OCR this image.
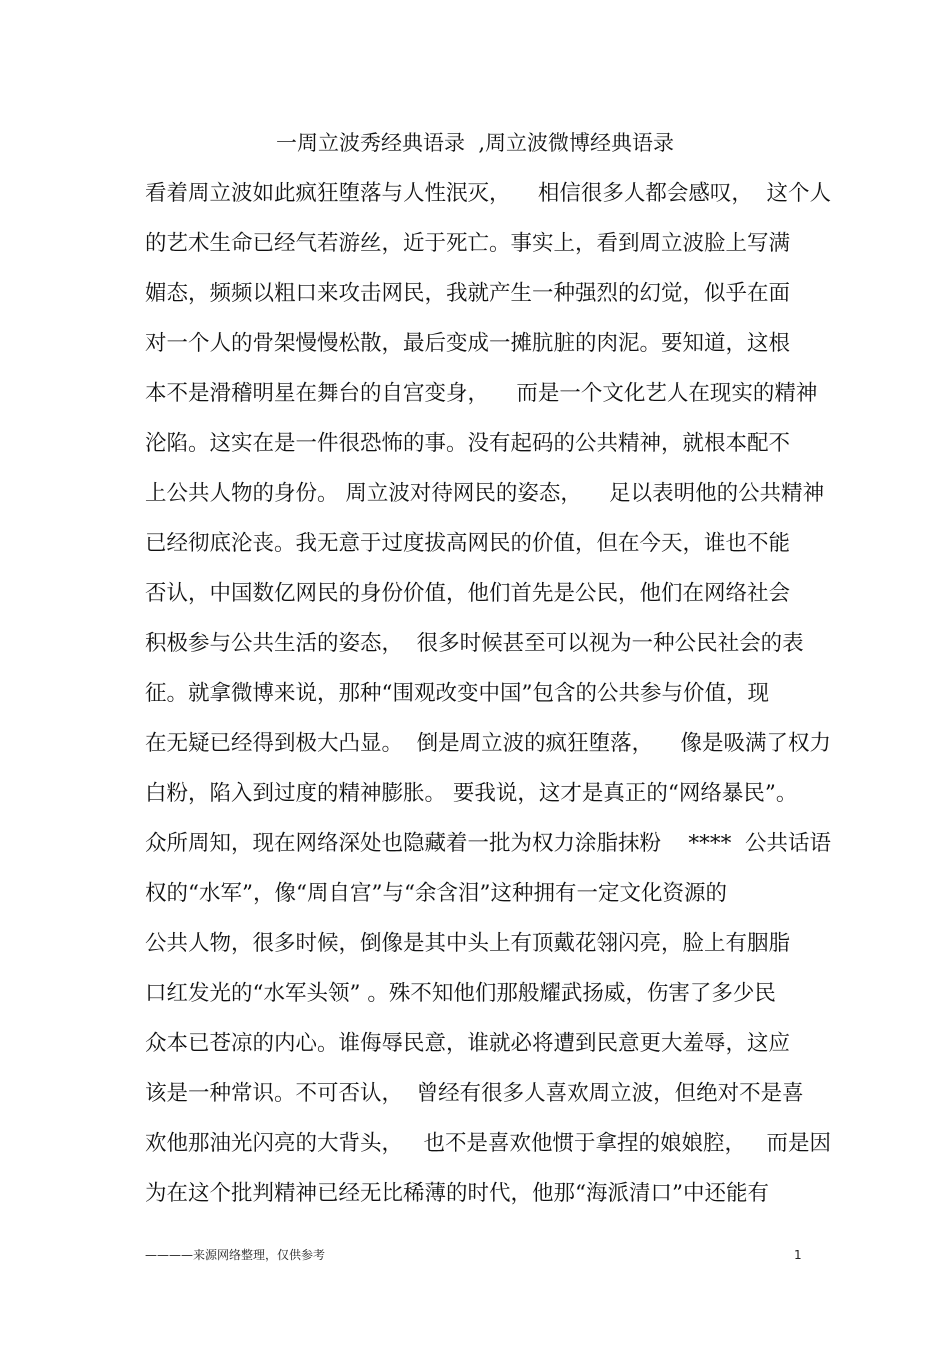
一周立波秀经典语录  ,周立波微博经典语录
看着周立波如此疯狂堕落与人性泯灭，    相信很多人都会感叹，  这个人
的艺术生命已经气若游丝，近于死亡。事实上，看到周立波脸上写满
媚态，频频以粗口来攻击网民，我就产生一种强烈的幻觉，似乎在面
对一个人的骨架慢慢松散，最后变成一摊肮脏的肉泥。要知道，这根
本不是滑稽明星在舞台的自宫变身，    而是一个文化艺人在现实的精神
沦陷。这实在是一件很恐怖的事。没有起码的公共精神，就根本配不
上公共人物的身份。 周立波对待网民的姿态，    足以表明他的公共精神
已经彻底沦丧。我无意于过度拔高网民的价值，但在今天，谁也不能
否认，中国数亿网民的身份价值，他们首先是公民，他们在网络社会
积极参与公共生活的姿态，  很多时候甚至可以视为一种公民社会的表
征。就拿微博来说，那种“围观改变中国”包含的公共参与价值，现
在无疑已经得到极大凸显。  倒是周立波的疯狂堕落，    像是吸满了权力
白粉，陷入到过度的精神膨胀。 要我说，这才是真正的“网络暴民”。
众所周知，现在网络深处也隐藏着一批为权力涂脂抹粉    ****  公共话语
权的“水军”，像“周自宫”与“余含泪”这种拥有一定文化资源的
公共人物，很多时候，倒像是其中头上有顶戴花翎闪亮，脸上有胭脂
口红发光的“水军头领” 。殊不知他们那般耀武扬威，伤害了多少民
众本已苍凉的内心。谁侮辱民意，谁就必将遭到民意更大羞辱，这应
该是一种常识。不可否认，  曾经有很多人喜欢周立波，但绝对不是喜
欢他那油光闪亮的大背头，   也不是喜欢他惯于拿捏的娘娘腔，   而是因
为在这个批判精神已经无比稀薄的时代，他那“海派清口”中还能有
————来源网络整理，仅供参考	1
